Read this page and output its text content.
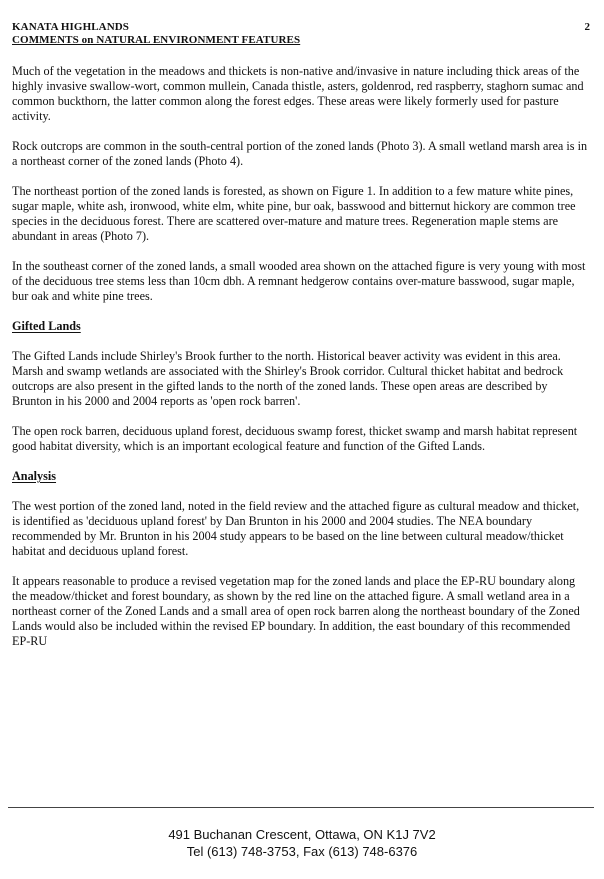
KANATA HIGHLANDS
COMMENTS on NATURAL ENVIRONMENT FEATURES
2

Much of the vegetation in the meadows and thickets is non-native and/invasive in nature including thick areas of the highly invasive swallow-wort, common mullein, Canada thistle, asters, goldenrod, red raspberry, staghorn sumac and common buckthorn, the latter common along the forest edges. These areas were likely formerly used for pasture activity.

Rock outcrops are common in the south-central portion of the zoned lands (Photo 3). A small wetland marsh area is in a northeast corner of the zoned lands (Photo 4).

The northeast portion of the zoned lands is forested, as shown on Figure 1. In addition to a few mature white pines, sugar maple, white ash, ironwood, white elm, white pine, bur oak, basswood and bitternut hickory are common tree species in the deciduous forest. There are scattered over-mature and mature trees. Regeneration maple stems are abundant in areas (Photo 7).

In the southeast corner of the zoned lands, a small wooded area shown on the attached figure is very young with most of the deciduous tree stems less than 10cm dbh. A remnant hedgerow contains over-mature basswood, sugar maple, bur oak and white pine trees.

Gifted Lands

The Gifted Lands include Shirley's Brook further to the north. Historical beaver activity was evident in this area. Marsh and swamp wetlands are associated with the Shirley's Brook corridor. Cultural thicket habitat and bedrock outcrops are also present in the gifted lands to the north of the zoned lands. These open areas are described by Brunton in his 2000 and 2004 reports as 'open rock barren'.

The open rock barren, deciduous upland forest, deciduous swamp forest, thicket swamp and marsh habitat represent good habitat diversity, which is an important ecological feature and function of the Gifted Lands.

Analysis

The west portion of the zoned land, noted in the field review and the attached figure as cultural meadow and thicket, is identified as 'deciduous upland forest' by Dan Brunton in his 2000 and 2004 studies. The NEA boundary recommended by Mr. Brunton in his 2004 study appears to be based on the line between cultural meadow/thicket habitat and deciduous upland forest.

It appears reasonable to produce a revised vegetation map for the zoned lands and place the EP-RU boundary along the meadow/thicket and forest boundary, as shown by the red line on the attached figure. A small wetland area in a northeast corner of the Zoned Lands and a small area of open rock barren along the northeast boundary of the Zoned Lands would also be included within the revised EP boundary. In addition, the east boundary of this recommended EP-RU

491 Buchanan Crescent, Ottawa, ON K1J 7V2
Tel (613) 748-3753, Fax (613) 748-6376
